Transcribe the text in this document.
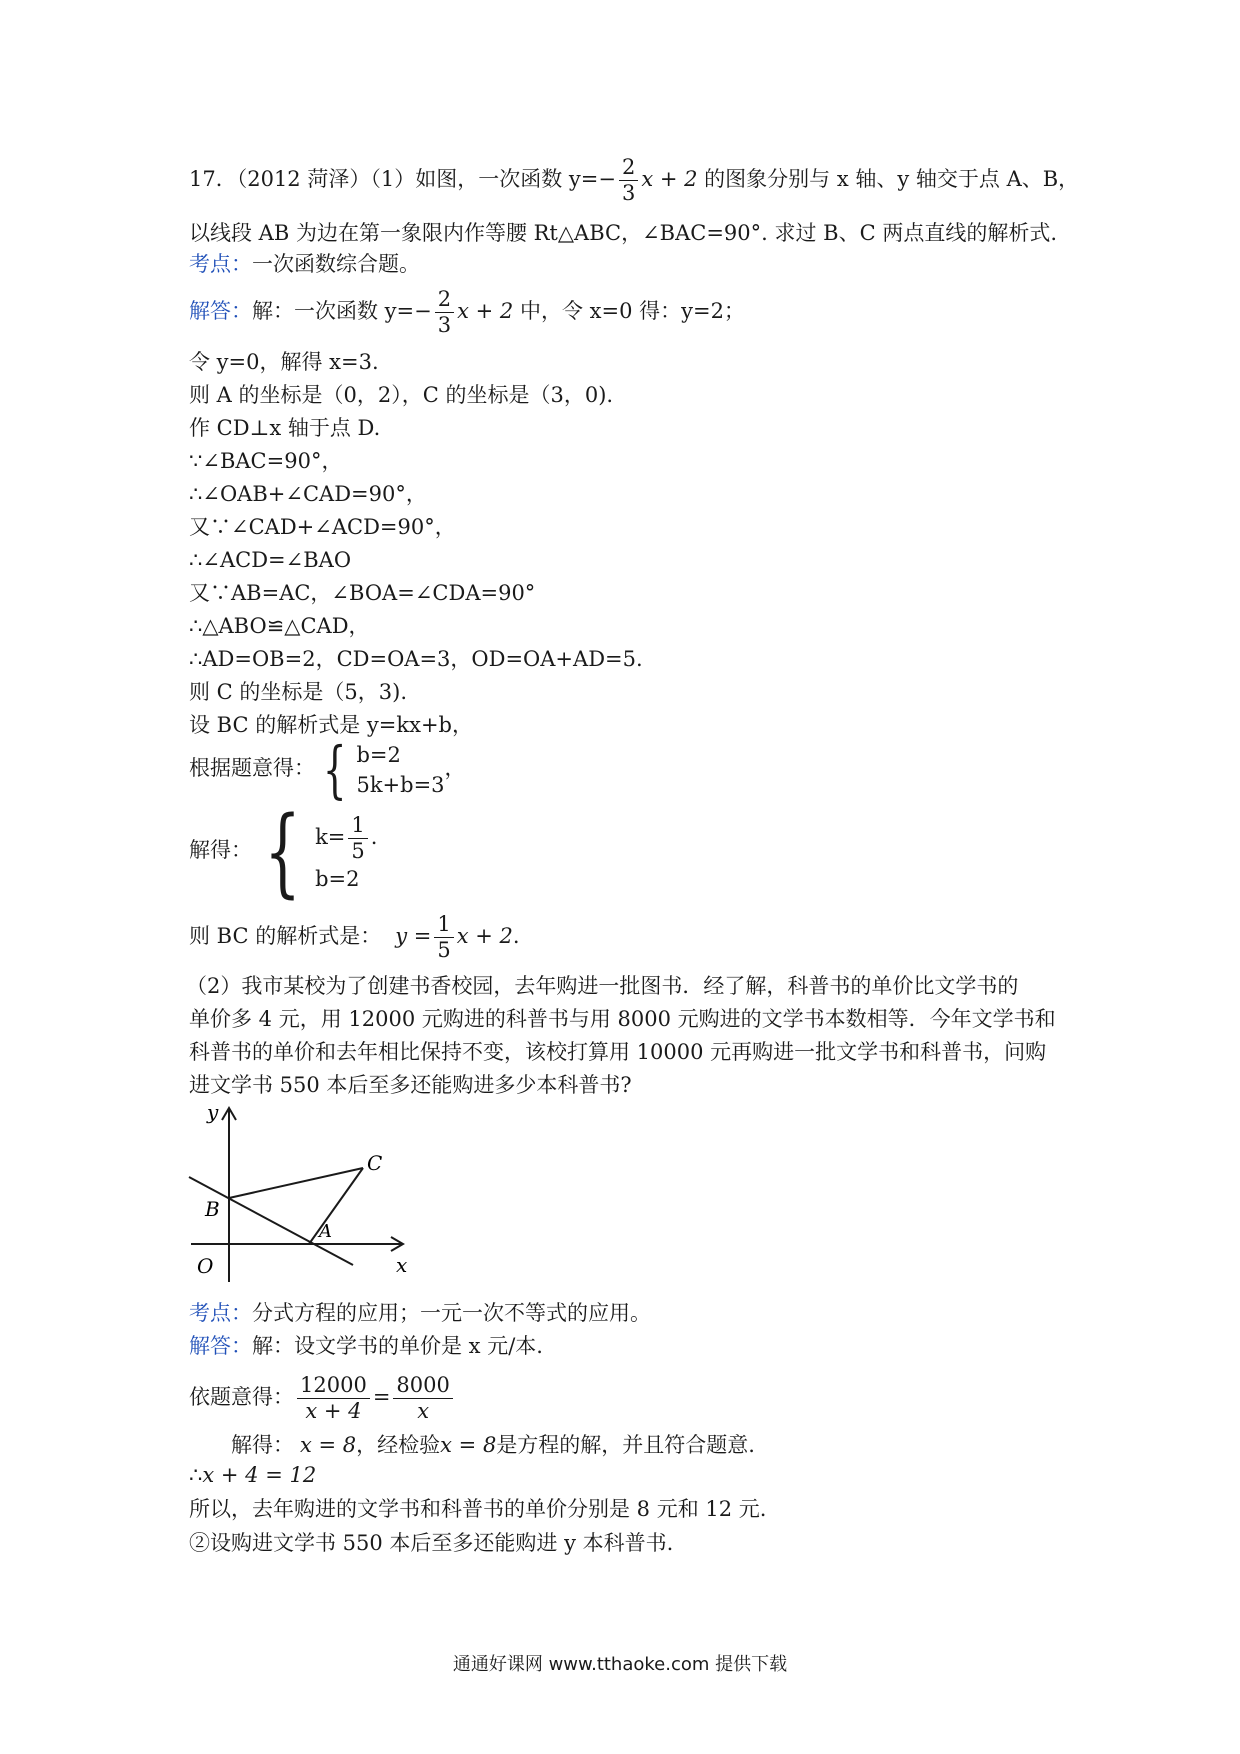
17．（2012 菏泽）（1）如图，一次函数 $y=- \frac{2}{3}$ x + 2 的图象分别与 x 轴、y 轴交于点 A、B，
以线段 AB 为边在第一象限内作等腰 Rt△ABC，∠BAC=90°. 求过 B、C 两点直线的解析式.
考点：一次函数综合题。
解答：解：一次函数 $y=- \frac{2}{3}$ x + 2 中，令 x=0 得：y=2；
令 y=0，解得 x=3.
则 A 的坐标是（0，2），C 的坐标是（3，0).
作 CD⊥x 轴于点 D.
∵∠BAC=90°，
∴∠OAB+∠CAD=90°，
又∵∠CAD+∠ACD=90°，
∴∠ACD=∠BAO
又∵AB=AC，∠BOA=∠CDA=90°
∴△ABO≌△CAD，
∴AD=OB=2，CD=OA=3，OD=OA+AD=5.
则 C 的坐标是（5，3).
设 BC 的解析式是 y=kx+b，
根据题意得： { b=2
5k+b=3
，
解得： { $k= \frac{1}{5}$ .
b=2
则 BC 的解析式是： $y = \frac{1}{5}$ x + 2.
（2）我市某校为了创建书香校园，去年购进一批图书．经了解，科普书的单价比文学书的
单价多 4 元，用 12000 元购进的科普书与用 8000 元购进的文学书本数相等．今年文学书和
科普书的单价和去年相比保持不变，该校打算用 10000 元再购进一批文学书和科普书，问购
进文学书 550 本后至多还能购进多少本科普书?
y
x
O
A
B
C
考点：分式方程的应用；一元一次不等式的应用。
解答：解：设文学书的单价是 x 元/本.
依题意得： $\frac{12000}{x + 4} = \frac{8000}{x}$
解得： x = 8，经检验x = 8是方程的解，并且符合题意.
∴x + 4 = 12
所以，去年购进的文学书和科普书的单价分别是 8 元和 12 元.
②设购进文学书 550 本后至多还能购进 y 本科普书.
通通好课网 www.tthaoke.com 提供下载
